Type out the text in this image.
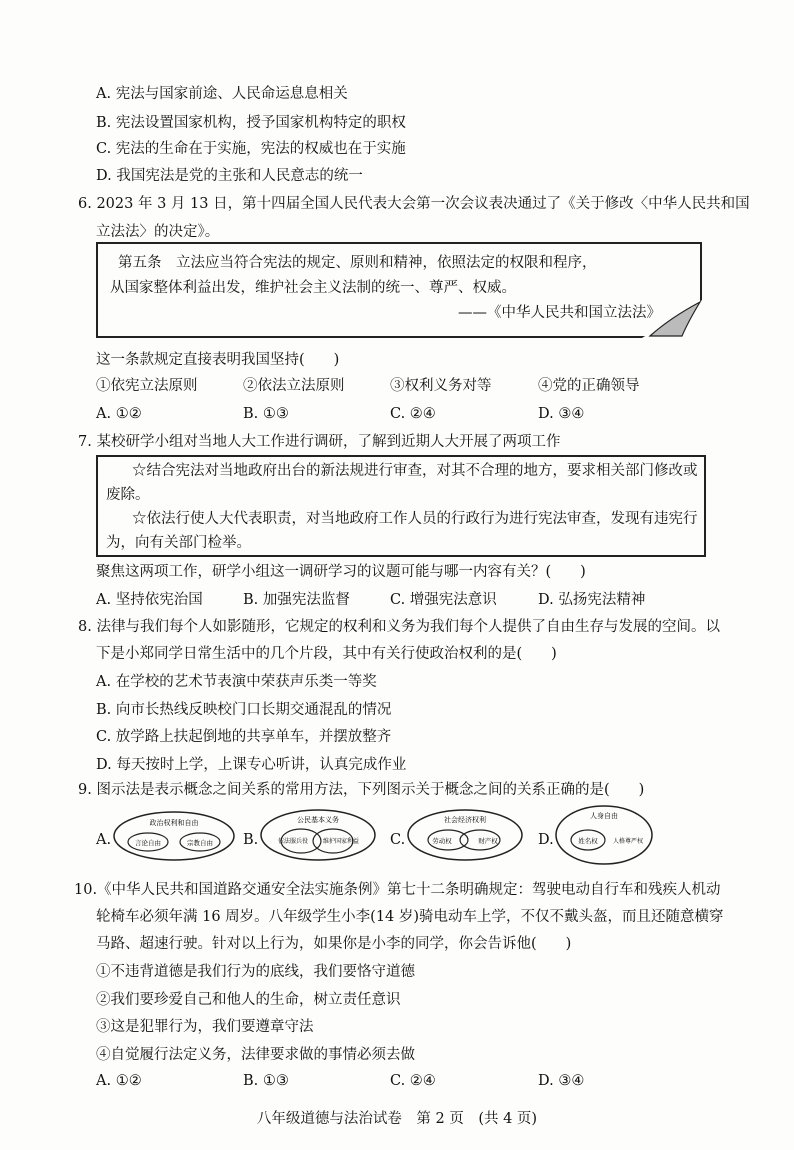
A. 宪法与国家前途、人民命运息息相关
B. 宪法设置国家机构，授予国家机构特定的职权
C. 宪法的生命在于实施，宪法的权威也在于实施
D. 我国宪法是党的主张和人民意志的统一
6. 2023 年 3 月 13 日，第十四届全国人民代表大会第一次会议表决通过了《关于修改〈中华人民共和国
立法法〉的决定》。
第五条　立法应当符合宪法的规定、原则和精神，依照法定的权限和程序，
从国家整体利益出发，维护社会主义法制的统一、尊严、权威。
——《中华人民共和国立法法》
这一条款规定直接表明我国坚持(　　)
①依宪立法原则	②依法立法原则	③权利义务对等	④党的正确领导
A. ①②	B. ①③	C. ②④	D. ③④
7. 某校研学小组对当地人大工作进行调研，了解到近期人大开展了两项工作
☆结合宪法对当地政府出台的新法规进行审查，对其不合理的地方，要求相关部门修改或
废除。
☆依法行使人大代表职责，对当地政府工作人员的行政行为进行宪法审查，发现有违宪行
为，向有关部门检举。
聚焦这两项工作，研学小组这一调研学习的议题可能与哪一内容有关？(　　)
A. 坚持依宪治国	B. 加强宪法监督	C. 增强宪法意识	D. 弘扬宪法精神
8. 法律与我们每个人如影随形，它规定的权利和义务为我们每个人提供了自由生存与发展的空间。以
下是小郑同学日常生活中的几个片段，其中有关行使政治权利的是(　　)
A. 在学校的艺术节表演中荣获声乐类一等奖
B. 向市长热线反映校门口长期交通混乱的情况
C. 放学路上扶起倒地的共享单车，并摆放整齐
D. 每天按时上学，上课专心听讲，认真完成作业
9. 图示法是表示概念之间关系的常用方法，下列图示关于概念之间的关系正确的是(　　)
A.
政治权利和自由
言论自由	宗教自由 B.
公民基本义务
依法服兵役 维护国家利益 C.
社会经济权利
劳动权	财产权	D.
人身自由
姓名权	人格尊严权
10.《中华人民共和国道路交通安全法实施条例》第七十二条明确规定：驾驶电动自行车和残疾人机动
轮椅车必须年满 16 周岁。八年级学生小李(14 岁)骑电动车上学，不仅不戴头盔，而且还随意横穿
马路、超速行驶。针对以上行为，如果你是小李的同学，你会告诉他(　　)
①不违背道德是我们行为的底线，我们要恪守道德
②我们要珍爱自己和他人的生命，树立责任意识
③这是犯罪行为，我们要遵章守法
④自觉履行法定义务，法律要求做的事情必须去做
A. ①②	B. ①③	C. ②④	D. ③④
八年级道德与法治试卷　第 2 页　(共 4 页)
